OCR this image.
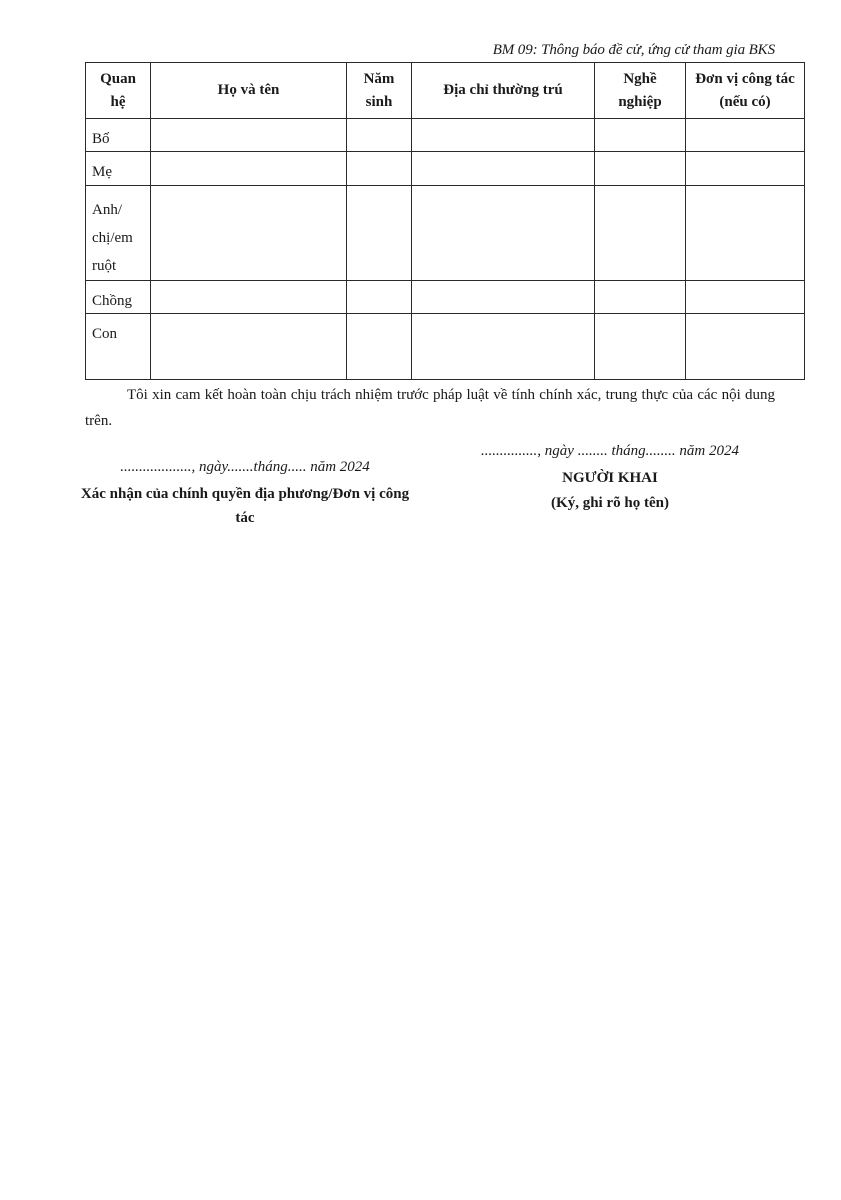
BM 09: Thông báo đề cử, ứng cử tham gia BKS
Quan hệ	Họ và tên	Năm sinh	Địa chỉ thường trú	Nghề nghiệp	Đơn vị công tác (nếu có)
Bố					
Mẹ					
Anh/ chị/em ruột					
Chồng					
Con					
Tôi xin cam kết hoàn toàn chịu trách nhiệm trước pháp luật về tính chính xác, trung thực của các nội dung trên.
..................., ngày.......tháng..... năm 2024
Xác nhận của chính quyền địa phương/Đơn vị công tác
..............., ngày ........ tháng........ năm 2024
NGƯỜI KHAI
(Ký, ghi rõ họ tên)
